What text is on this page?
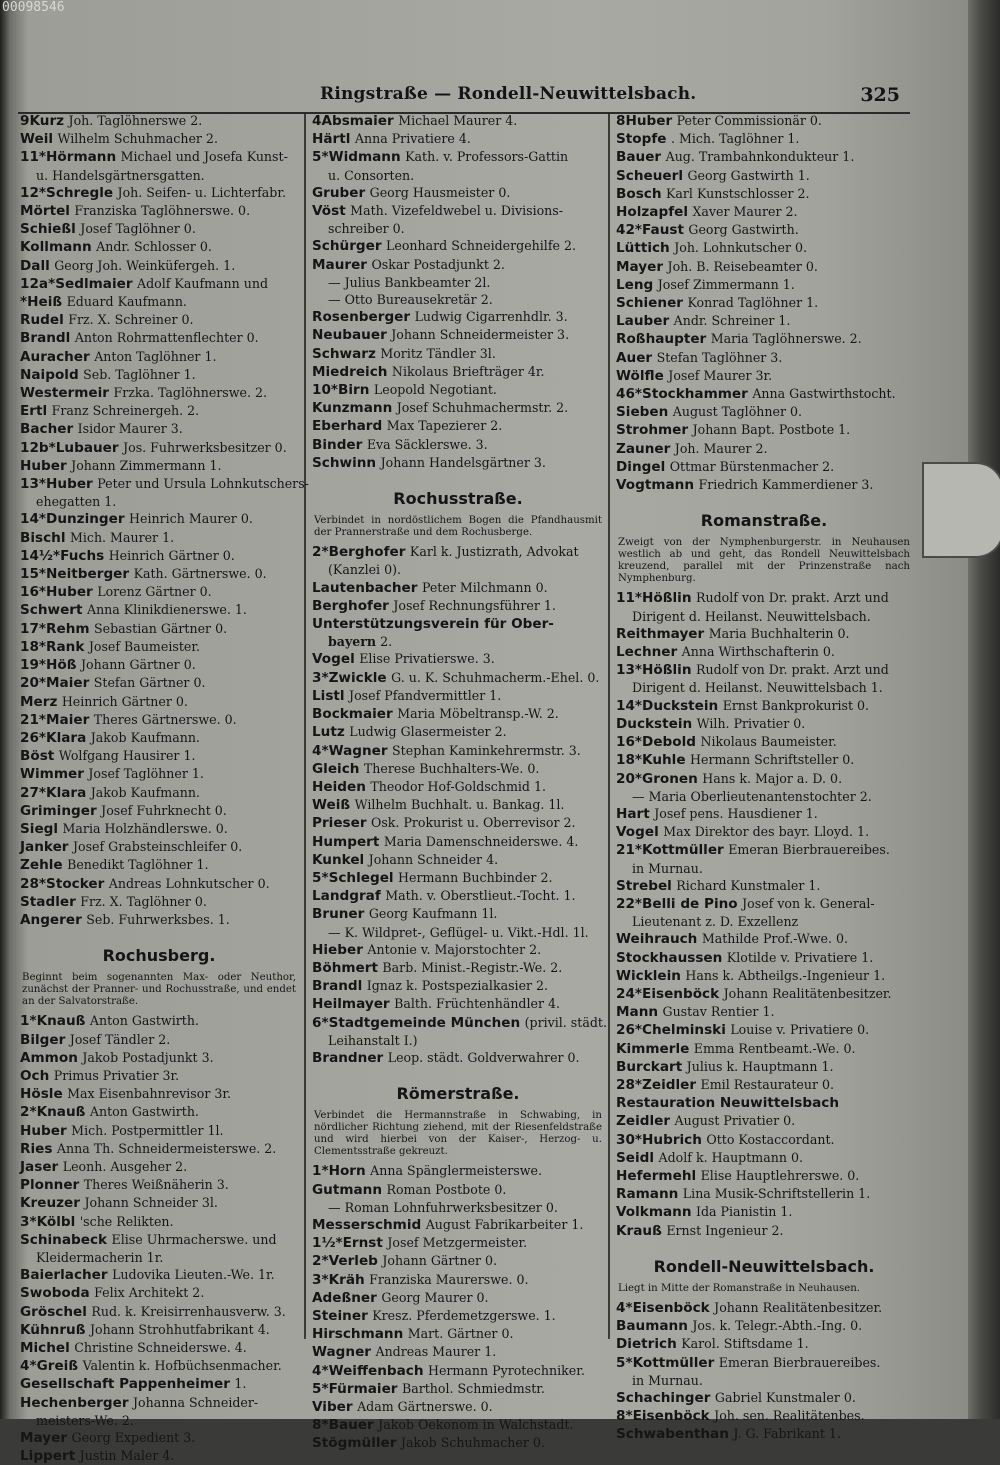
00098546
Ringstraße — Rondell-Neuwittelsbach.	325
9Kurz Joh. Taglöhnerswe 2.
Weil Wilhelm Schuhmacher 2.
11*Hörmann Michael und Josefa Kunst-
u. Handelsgärtnersgatten.
12*Schregle Joh. Seifen- u. Lichterfabr.
Mörtel Franziska Taglöhnerswe. 0.
Schießl Josef Taglöhner 0.
Kollmann Andr. Schlosser 0.
Dall Georg Joh. Weinküfergeh. 1.
12a*Sedlmaier Adolf Kaufmann und
*Heiß Eduard Kaufmann.
Rudel Frz. X. Schreiner 0.
Brandl Anton Rohrmattenflechter 0.
Auracher Anton Taglöhner 1.
Naipold Seb. Taglöhner 1.
Westermeir Frzka. Taglöhnerswe. 2.
Ertl Franz Schreinergeh. 2.
Bacher Isidor Maurer 3.
12b*Lubauer Jos. Fuhrwerksbesitzer 0.
Huber Johann Zimmermann 1.
13*Huber Peter und Ursula Lohnkutschers-
ehegatten 1.
14*Dunzinger Heinrich Maurer 0.
Bischl Mich. Maurer 1.
14½*Fuchs Heinrich Gärtner 0.
15*Neitberger Kath. Gärtnerswe. 0.
16*Huber Lorenz Gärtner 0.
Schwert Anna Klinikdienerswe. 1.
17*Rehm Sebastian Gärtner 0.
18*Rank Josef Baumeister.
19*Höß Johann Gärtner 0.
20*Maier Stefan Gärtner 0.
Merz Heinrich Gärtner 0.
21*Maier Theres Gärtnerswe. 0.
26*Klara Jakob Kaufmann.
Böst Wolfgang Hausirer 1.
Wimmer Josef Taglöhner 1.
27*Klara Jakob Kaufmann.
Griminger Josef Fuhrknecht 0.
Siegl Maria Holzhändlerswe. 0.
Janker Josef Grabsteinschleifer 0.
Zehle Benedikt Taglöhner 1.
28*Stocker Andreas Lohnkutscher 0.
Stadler Frz. X. Taglöhner 0.
Angerer Seb. Fuhrwerksbes. 1.
Rochusberg.
Beginnt beim sogenannten Max- oder Neuthor, zunächst der Pranner- und Rochusstraße, und endet an der Salvatorstraße.
1*Knauß Anton Gastwirth.
Bilger Josef Tändler 2.
Ammon Jakob Postadjunkt 3.
Och Primus Privatier 3r.
Hösle Max Eisenbahnrevisor 3r.
2*Knauß Anton Gastwirth.
Huber Mich. Postpermittler 1l.
Ries Anna Th. Schneidermeisterswe. 2.
Jaser Leonh. Ausgeher 2.
Plonner Theres Weißnäherin 3.
Kreuzer Johann Schneider 3l.
3*Kölbl 'sche Relikten.
Schinabeck Elise Uhrmacherswe. und
Kleidermacherin 1r.
Baierlacher Ludovika Lieuten.-We. 1r.
Swoboda Felix Architekt 2.
Gröschel Rud. k. Kreisirrenhausverw. 3.
Kühnruß Johann Strohhutfabrikant 4.
Michel Christine Schneiderswe. 4.
4*Greiß Valentin k. Hofbüchsenmacher.
Gesellschaft Pappenheimer 1.
Hechenberger Johanna Schneider-
meisters-We. 2.
Mayer Georg Expedient 3.
Lippert Justin Maler 4.
4Absmaier Michael Maurer 4.
Härtl Anna Privatiere 4.
5*Widmann Kath. v. Professors-Gattin
u. Consorten.
Gruber Georg Hausmeister 0.
Vöst Math. Vizefeldwebel u. Divisions-
schreiber 0.
Schürger Leonhard Schneidergehilfe 2.
Maurer Oskar Postadjunkt 2.
— Julius Bankbeamter 2l.
— Otto Bureausekretär 2.
Rosenberger Ludwig Cigarrenhdlr. 3.
Neubauer Johann Schneidermeister 3.
Schwarz Moritz Tändler 3l.
Miedreich Nikolaus Briefträger 4r.
10*Birn Leopold Negotiant.
Kunzmann Josef Schuhmachermstr. 2.
Eberhard Max Tapezierer 2.
Binder Eva Säcklerswe. 3.
Schwinn Johann Handelsgärtner 3.
Rochusstraße.
Verbindet in nordöstlichem Bogen die Pfandhausmit der Prannerstraße und dem Rochusberge.
2*Berghofer Karl k. Justizrath, Advokat
(Kanzlei 0).
Lautenbacher Peter Milchmann 0.
Berghofer Josef Rechnungsführer 1.
Unterstützungsverein für Ober-
bayern 2.
Vogel Elise Privatierswe. 3.
3*Zwickle G. u. K. Schuhmacherm.-Ehel. 0.
Listl Josef Pfandvermittler 1.
Bockmaier Maria Möbeltransp.-W. 2.
Lutz Ludwig Glasermeister 2.
4*Wagner Stephan Kaminkehrermstr. 3.
Gleich Therese Buchhalters-We. 0.
Heiden Theodor Hof-Goldschmid 1.
Weiß Wilhelm Buchhalt. u. Bankag. 1l.
Prieser Osk. Prokurist u. Oberrevisor 2.
Humpert Maria Damenschneiderswe. 4.
Kunkel Johann Schneider 4.
5*Schlegel Hermann Buchbinder 2.
Landgraf Math. v. Oberstlieut.-Tocht. 1.
Bruner Georg Kaufmann 1l.
— K. Wildpret-, Geflügel- u. Vikt.-Hdl. 1l.
Hieber Antonie v. Majorstochter 2.
Böhmert Barb. Minist.-Registr.-We. 2.
Brandl Ignaz k. Postspezialkasier 2.
Heilmayer Balth. Früchtenhändler 4.
6*Stadtgemeinde München (privil. städt.
Leihanstalt I.)
Brandner Leop. städt. Goldverwahrer 0.
Römerstraße.
Verbindet die Hermannstraße in Schwabing, in nördlicher Richtung ziehend, mit der Riesenfeldstraße und wird hierbei von der Kaiser-, Herzog- u. Clementsstraße gekreuzt.
1*Horn Anna Spänglermeisterswe.
Gutmann Roman Postbote 0.
— Roman Lohnfuhrwerksbesitzer 0.
Messerschmid August Fabrikarbeiter 1.
1½*Ernst Josef Metzgermeister.
2*Verleb Johann Gärtner 0.
3*Kräh Franziska Maurerswe. 0.
Adeßner Georg Maurer 0.
Steiner Kresz. Pferdemetzgerswe. 1.
Hirschmann Mart. Gärtner 0.
Wagner Andreas Maurer 1.
4*Weiffenbach Hermann Pyrotechniker.
5*Fürmaier Barthol. Schmiedmstr.
Viber Adam Gärtnerswe. 0.
8*Bauer Jakob Oekonom in Walchstadt.
Stögmüller Jakob Schuhmacher 0.
8Huber Peter Commissionär 0.
Stopfe . Mich. Taglöhner 1.
Bauer Aug. Trambahnkondukteur 1.
Scheuerl Georg Gastwirth 1.
Bosch Karl Kunstschlosser 2.
Holzapfel Xaver Maurer 2.
42*Faust Georg Gastwirth.
Lüttich Joh. Lohnkutscher 0.
Mayer Joh. B. Reisebeamter 0.
Leng Josef Zimmermann 1.
Schiener Konrad Taglöhner 1.
Lauber Andr. Schreiner 1.
Roßhaupter Maria Taglöhnerswe. 2.
Auer Stefan Taglöhner 3.
Wölfle Josef Maurer 3r.
46*Stockhammer Anna Gastwirthstocht.
Sieben August Taglöhner 0.
Strohmer Johann Bapt. Postbote 1.
Zauner Joh. Maurer 2.
Dingel Ottmar Bürstenmacher 2.
Vogtmann Friedrich Kammerdiener 3.
Romanstraße.
Zweigt von der Nymphenburgerstr. in Neuhausen westlich ab und geht, das Rondell Neuwittelsbach kreuzend, parallel mit der Prinzenstraße nach Nymphenburg.
11*Hößlin Rudolf von Dr. prakt. Arzt und
Dirigent d. Heilanst. Neuwittelsbach.
Reithmayer Maria Buchhalterin 0.
Lechner Anna Wirthschafterin 0.
13*Hößlin Rudolf von Dr. prakt. Arzt und
Dirigent d. Heilanst. Neuwittelsbach 1.
14*Duckstein Ernst Bankprokurist 0.
Duckstein Wilh. Privatier 0.
16*Debold Nikolaus Baumeister.
18*Kuhle Hermann Schriftsteller 0.
20*Gronen Hans k. Major a. D. 0.
— Maria Oberlieutenantenstochter 2.
Hart Josef pens. Hausdiener 1.
Vogel Max Direktor des bayr. Lloyd. 1.
21*Kottmüller Emeran Bierbrauereibes.
in Murnau.
Strebel Richard Kunstmaler 1.
22*Belli de Pino Josef von k. General-
Lieutenant z. D. Exzellenz
Weihrauch Mathilde Prof.-Wwe. 0.
Stockhaussen Klotilde v. Privatiere 1.
Wicklein Hans k. Abtheilgs.-Ingenieur 1.
24*Eisenböck Johann Realitätenbesitzer.
Mann Gustav Rentier 1.
26*Chelminski Louise v. Privatiere 0.
Kimmerle Emma Rentbeamt.-We. 0.
Burckart Julius k. Hauptmann 1.
28*Zeidler Emil Restaurateur 0.
Restauration Neuwittelsbach
Zeidler August Privatier 0.
30*Hubrich Otto Kostaccordant.
Seidl Adolf k. Hauptmann 0.
Hefermehl Elise Hauptlehrerswe. 0.
Ramann Lina Musik-Schriftstellerin 1.
Volkmann Ida Pianistin 1.
Krauß Ernst Ingenieur 2.
Rondell-Neuwittelsbach.
Liegt in Mitte der Romanstraße in Neuhausen.
4*Eisenböck Johann Realitätenbesitzer.
Baumann Jos. k. Telegr.-Abth.-Ing. 0.
Dietrich Karol. Stiftsdame 1.
5*Kottmüller Emeran Bierbrauereibes.
in Murnau.
Schachinger Gabriel Kunstmaler 0.
8*Eisenböck Joh. sen. Realitätenbes.
Schwabenthan J. G. Fabrikant 1.
